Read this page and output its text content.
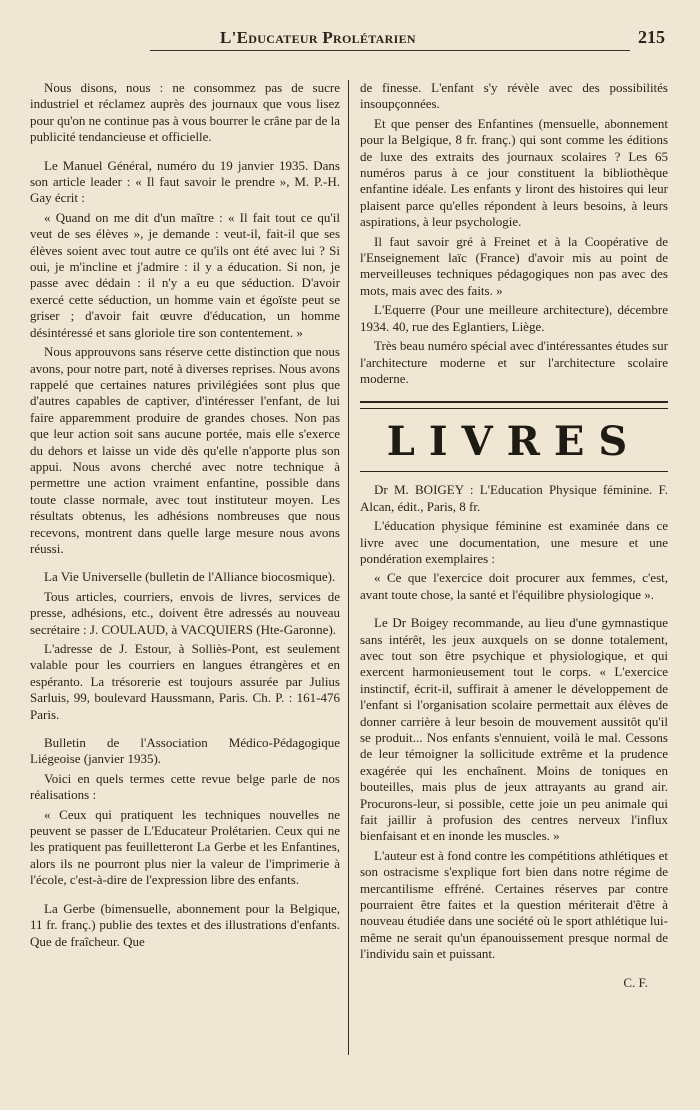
L'Educateur Prolétarien	215

Nous disons, nous : ne consommez pas de sucre industriel et réclamez auprès des journaux que vous lisez pour qu'on ne continue pas à vous bourrer le crâne par de la publicité tendancieuse et officielle.

Le Manuel Général, numéro du 19 janvier 1935. Dans son article leader : « Il faut savoir le prendre », M. P.-H. Gay écrit :

« Quand on me dit d'un maître : « Il fait tout ce qu'il veut de ses élèves », je demande : veut-il, fait-il que ses élèves soient avec tout autre ce qu'ils ont été avec lui ? Si oui, je m'incline et j'admire : il y a éducation. Si non, je passe avec dédain : il n'y a eu que séduction. D'avoir exercé cette séduction, un homme vain et égoïste peut se griser ; d'avoir fait œuvre d'éducation, un homme désintéressé et sans gloriole tire son contentement. »

Nous approuvons sans réserve cette distinction que nous avons, pour notre part, noté à diverses reprises. Nous avons rappelé que certaines natures privilégiées sont plus que d'autres capables de captiver, d'intéresser l'enfant, de lui faire apparemment produire de grandes choses. Non pas que leur action soit sans aucune portée, mais elle s'exerce du dehors et laisse un vide dès qu'elle n'apporte plus son appui. Nous avons cherché avec notre technique à permettre une action vraiment enfantine, possible dans toute classe normale, avec tout instituteur moyen. Les résultats obtenus, les adhésions nombreuses que nous recevons, montrent dans quelle large mesure nous avons réussi.

La Vie Universelle (bulletin de l'Alliance biocosmique).

Tous articles, courriers, envois de livres, services de presse, adhésions, etc., doivent être adressés au nouveau secrétaire : J. COULAUD, à VACQUIERS (Hte-Garonne).

L'adresse de J. Estour, à Solliès-Pont, est seulement valable pour les courriers en langues étrangères et en espéranto. La trésorerie est toujours assurée par Julius Sarluis, 99, boulevard Haussmann, Paris. Ch. P. : 161-476 Paris.

Bulletin de l'Association Médico-Pédagogique Liégeoise (janvier 1935).

Voici en quels termes cette revue belge parle de nos réalisations :

« Ceux qui pratiquent les techniques nouvelles ne peuvent se passer de L'Educateur Prolétarien. Ceux qui ne les pratiquent pas feuilletteront La Gerbe et les Enfantines, alors ils ne pourront plus nier la valeur de l'imprimerie à l'école, c'est-à-dire de l'expression libre des enfants.

La Gerbe (bimensuelle, abonnement pour la Belgique, 11 fr. franç.) publie des textes et des illustrations d'enfants. Que de fraîcheur. Que

de finesse. L'enfant s'y révèle avec des possibilités insoupçonnées.

Et que penser des Enfantines (mensuelle, abonnement pour la Belgique, 8 fr. franç.) qui sont comme les éditions de luxe des extraits des journaux scolaires ? Les 65 numéros parus à ce jour constituent la bibliothèque enfantine idéale. Les enfants y liront des histoires qui leur plaisent parce qu'elles répondent à leurs besoins, à leurs aspirations, à leur psychologie.

Il faut savoir gré à Freinet et à la Coopérative de l'Enseignement laïc (France) d'avoir mis au point de merveilleuses techniques pédagogiques non pas avec des mots, mais avec des faits. »

L'Equerre (Pour une meilleure architecture), décembre 1934. 40, rue des Eglantiers, Liège.

Très beau numéro spécial avec d'intéressantes études sur l'architecture moderne et sur l'architecture scolaire moderne.

LIVRES

Dr M. BOIGEY : L'Education Physique féminine. F. Alcan, édit., Paris, 8 fr.

L'éducation physique féminine est examinée dans ce livre avec une documentation, une mesure et une pondération exemplaires :

« Ce que l'exercice doit procurer aux femmes, c'est, avant toute chose, la santé et l'équilibre physiologique ».

Le Dr Boigey recommande, au lieu d'une gymnastique sans intérêt, les jeux auxquels on se donne totalement, avec tout son être psychique et physiologique, et qui exercent harmonieusement tout le corps. « L'exercice instinctif, écrit-il, suffirait à amener le développement de l'enfant si l'organisation scolaire permettait aux élèves de donner carrière à leur besoin de mouvement aussitôt qu'il se produit... Nos enfants s'ennuient, voilà le mal. Cessons de leur témoigner la sollicitude extrême et la prudence exagérée qui les enchaînent. Moins de toniques en bouteilles, mais plus de jeux attrayants au grand air. Procurons-leur, si possible, cette joie un peu animale qui fait jaillir à profusion des centres nerveux l'influx bienfaisant et en inonde les muscles. »

L'auteur est à fond contre les compétitions athlétiques et son ostracisme s'explique fort bien dans notre régime de mercantilisme effréné. Certaines réserves par contre pourraient être faites et la question mériterait d'être à nouveau étudiée dans une société où le sport athlétique lui-même ne serait qu'un épanouissement presque normal de l'individu sain et puissant.

C. F.
